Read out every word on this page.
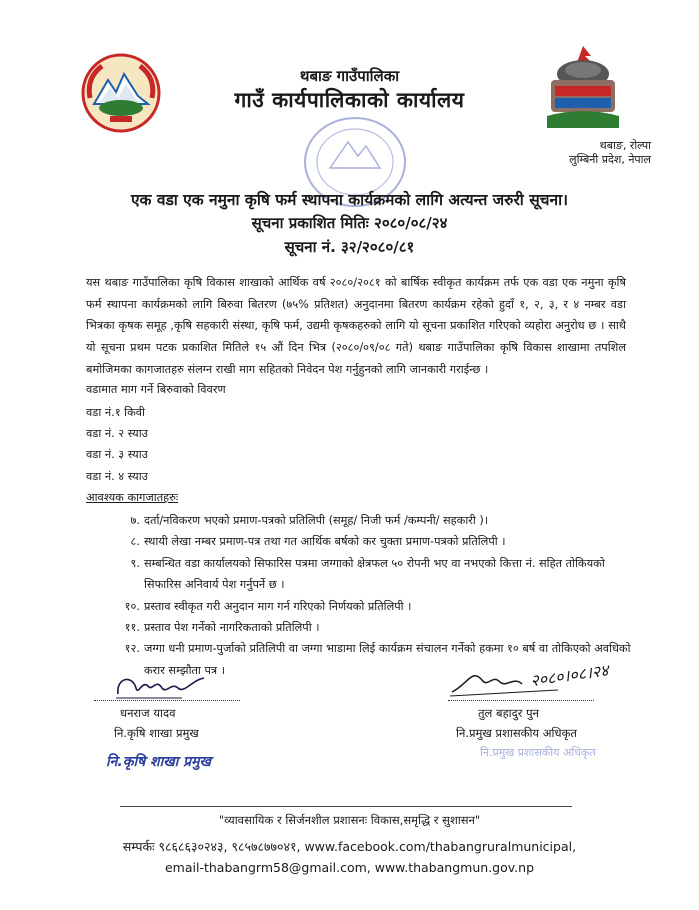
थबाङ गाउँपालिका
गाउँ कार्यपालिकाको कार्यालय
थबाङ, रोल्पा
लुम्बिनी प्रदेश, नेपाल
एक वडा एक नमुना कृषि फर्म स्थापना कार्यक्रमको लागि अत्यन्त जरुरी सूचना।
सूचना प्रकाशित मितिः २०८०/०८/२४
सूचना नं. ३२/२०८०/८१
यस थबाङ गाउँपालिका कृषि विकास शाखाको आर्थिक वर्ष २०८०/२०८१ को बार्षिक स्वीकृत कार्यक्रम तर्फ एक वडा एक नमुना कृषि फर्म स्थापना कार्यक्रमको लागि बिरुवा बितरण (७५% प्रतिशत) अनुदानमा बितरण कार्यक्रम रहेको हुदाँ १, २, ३, र ४ नम्बर वडा भित्रका कृषक समूह ,कृषि सहकारी संस्था, कृषि फर्म, उद्यमी कृषकहरुको लागि यो सूचना प्रकाशित गरिएको व्यहोरा अनुरोध छ । साथै यो सूचना प्रथम पटक प्रकाशित मितिले १५ औं दिन भित्र (२०८०/०९/०८ गते) थबाङ गाउँपालिका कृषि विकास शाखामा तपशिल बमोजिमका कागजातहरु संलग्न राखी माग सहितको निवेदन पेश गर्नुहुनको लागि जानकारी गराईन्छ ।
वडामात माग गर्ने बिरुवाको विवरण
वडा नं.१ किवी
वडा नं. २ स्याउ
वडा नं. ३ स्याउ
वडा नं. ४ स्याउ
आवश्यक कागजातहरुः
७. दर्ता/नविकरण भएको प्रमाण-पत्रको प्रतिलिपी (समूह/ निजी फर्म /कम्पनी/ सहकारी )।
८. स्थायी लेखा नम्बर प्रमाण-पत्र तथा गत आर्थिक बर्षको कर चुक्ता प्रमाण-पत्रको प्रतिलिपी ।
९. सम्बन्धित वडा कार्यालयको सिफारिस पत्रमा जग्गाको क्षेत्रफल ५० रोपनी भए वा नभएको कित्ता नं. सहित तोकियको सिफारिस अनिवार्य पेश गर्नुपर्ने छ ।
१०. प्रस्ताव स्वीकृत गरी अनुदान माग गर्न गरिएको निर्णयको प्रतिलिपी ।
११. प्रस्ताव पेश गर्नेको नागरिकताको प्रतिलिपी ।
१२. जग्गा धनी प्रमाण-पुर्जाको प्रतिलिपी वा जग्गा भाडामा लिई कार्यक्रम संचालन गर्नेको हकमा १० बर्ष वा तोकिएको अवधिको करार सम्झौता पत्र ।	२०८०।०८।२४
धनराज यादव
नि.कृषि शाखा प्रमुख
तुल बहादुर पुन
नि.प्रमुख प्रशासकीय अधिकृत
नि.कृषि शाखा प्रमुख
नि.प्रमुख प्रशासकीय अधिकृत
"व्यावसायिक र सिर्जनशील प्रशासनः विकास,समृद्धि र सुशासन"
सम्पर्कः ९८६८६३०२४३, ९८५७८७७०४१, www.facebook.com/thabangruralmunicipal,
email-thabangrm58@gmail.com, www.thabangmun.gov.np
